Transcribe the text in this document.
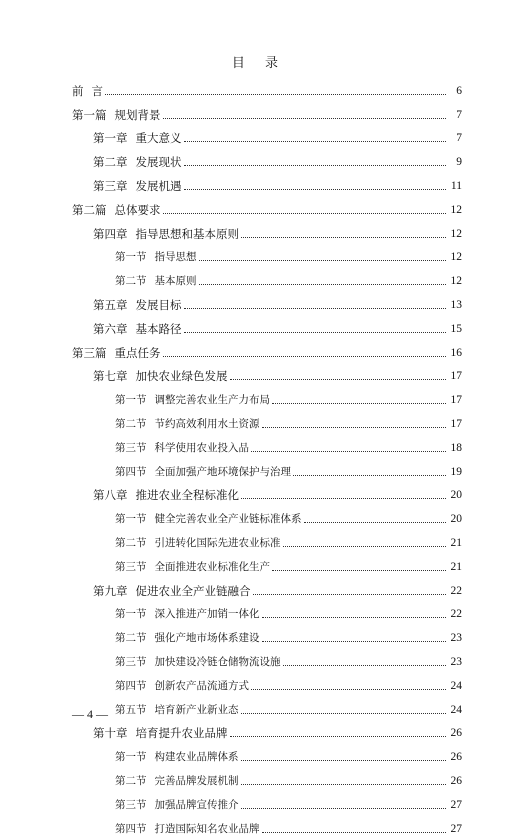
目 录
前 言	6
第一篇 规划背景	7
第一章 重大意义	7
第二章 发展现状	9
第三章 发展机遇	11
第二篇 总体要求	12
第四章 指导思想和基本原则	12
第一节 指导思想	12
第二节 基本原则	12
第五章 发展目标	13
第六章 基本路径	15
第三篇 重点任务	16
第七章 加快农业绿色发展	17
第一节 调整完善农业生产力布局	17
第二节 节约高效利用水土资源	17
第三节 科学使用农业投入品	18
第四节 全面加强产地环境保护与治理	19
第八章 推进农业全程标准化	20
第一节 健全完善农业全产业链标准体系	20
第二节 引进转化国际先进农业标准	21
第三节 全面推进农业标准化生产	21
第九章 促进农业全产业链融合	22
第一节 深入推进产加销一体化	22
第二节 强化产地市场体系建设	23
第三节 加快建设冷链仓储物流设施	23
第四节 创新农产品流通方式	24
第五节 培育新产业新业态	24
第十章 培育提升农业品牌	26
第一节 构建农业品牌体系	26
第二节 完善品牌发展机制	26
第三节 加强品牌宣传推介	27
第四节 打造国际知名农业品牌	27
— 4 —
